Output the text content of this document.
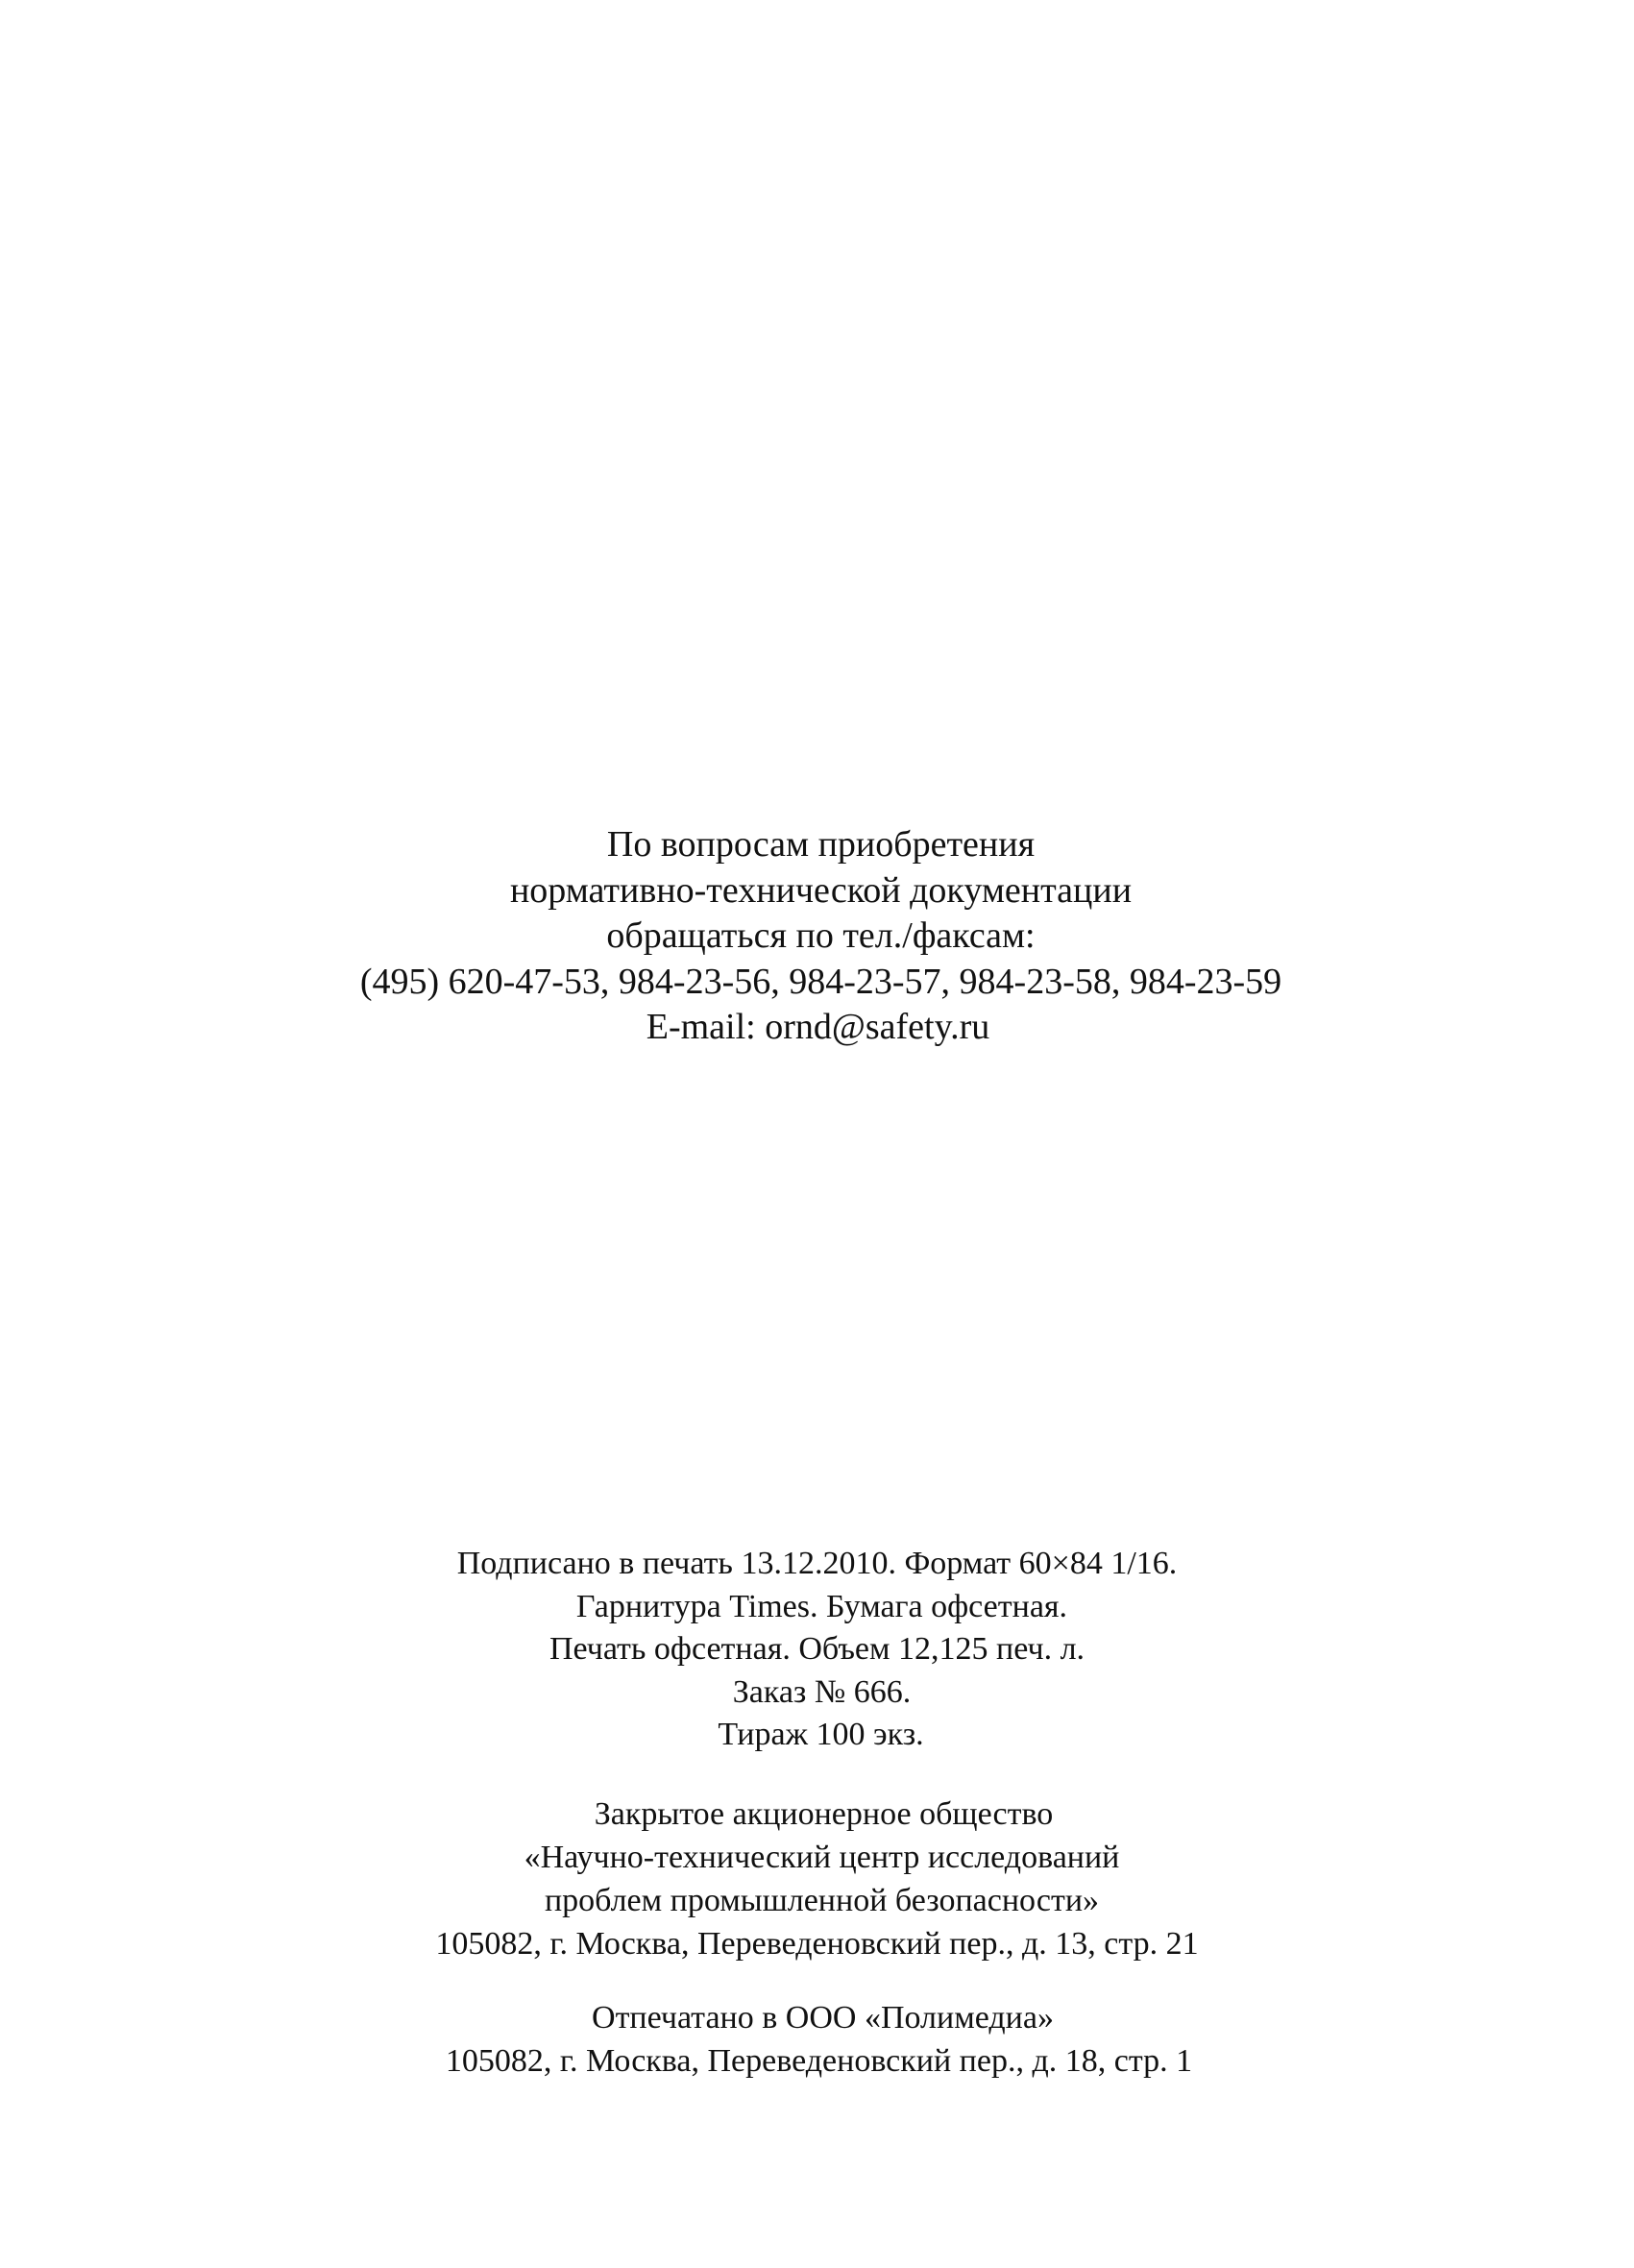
По вопросам приобретения
нормативно-технической документации
обращаться по тел./факсам:
(495) 620-47-53, 984-23-56, 984-23-57, 984-23-58, 984-23-59
E-mail: ornd@safety.ru
Подписано в печать 13.12.2010. Формат 60×84 1/16.
Гарнитура Times. Бумага офсетная.
Печать офсетная. Объем 12,125 печ. л.
Заказ № 666.
Тираж 100 экз.
Закрытое акционерное общество
«Научно-технический центр исследований
проблем промышленной безопасности»
105082, г. Москва, Переведеновский пер., д. 13, стр. 21
Отпечатано в ООО «Полимедиа»
105082, г. Москва, Переведеновский пер., д. 18, стр. 1
